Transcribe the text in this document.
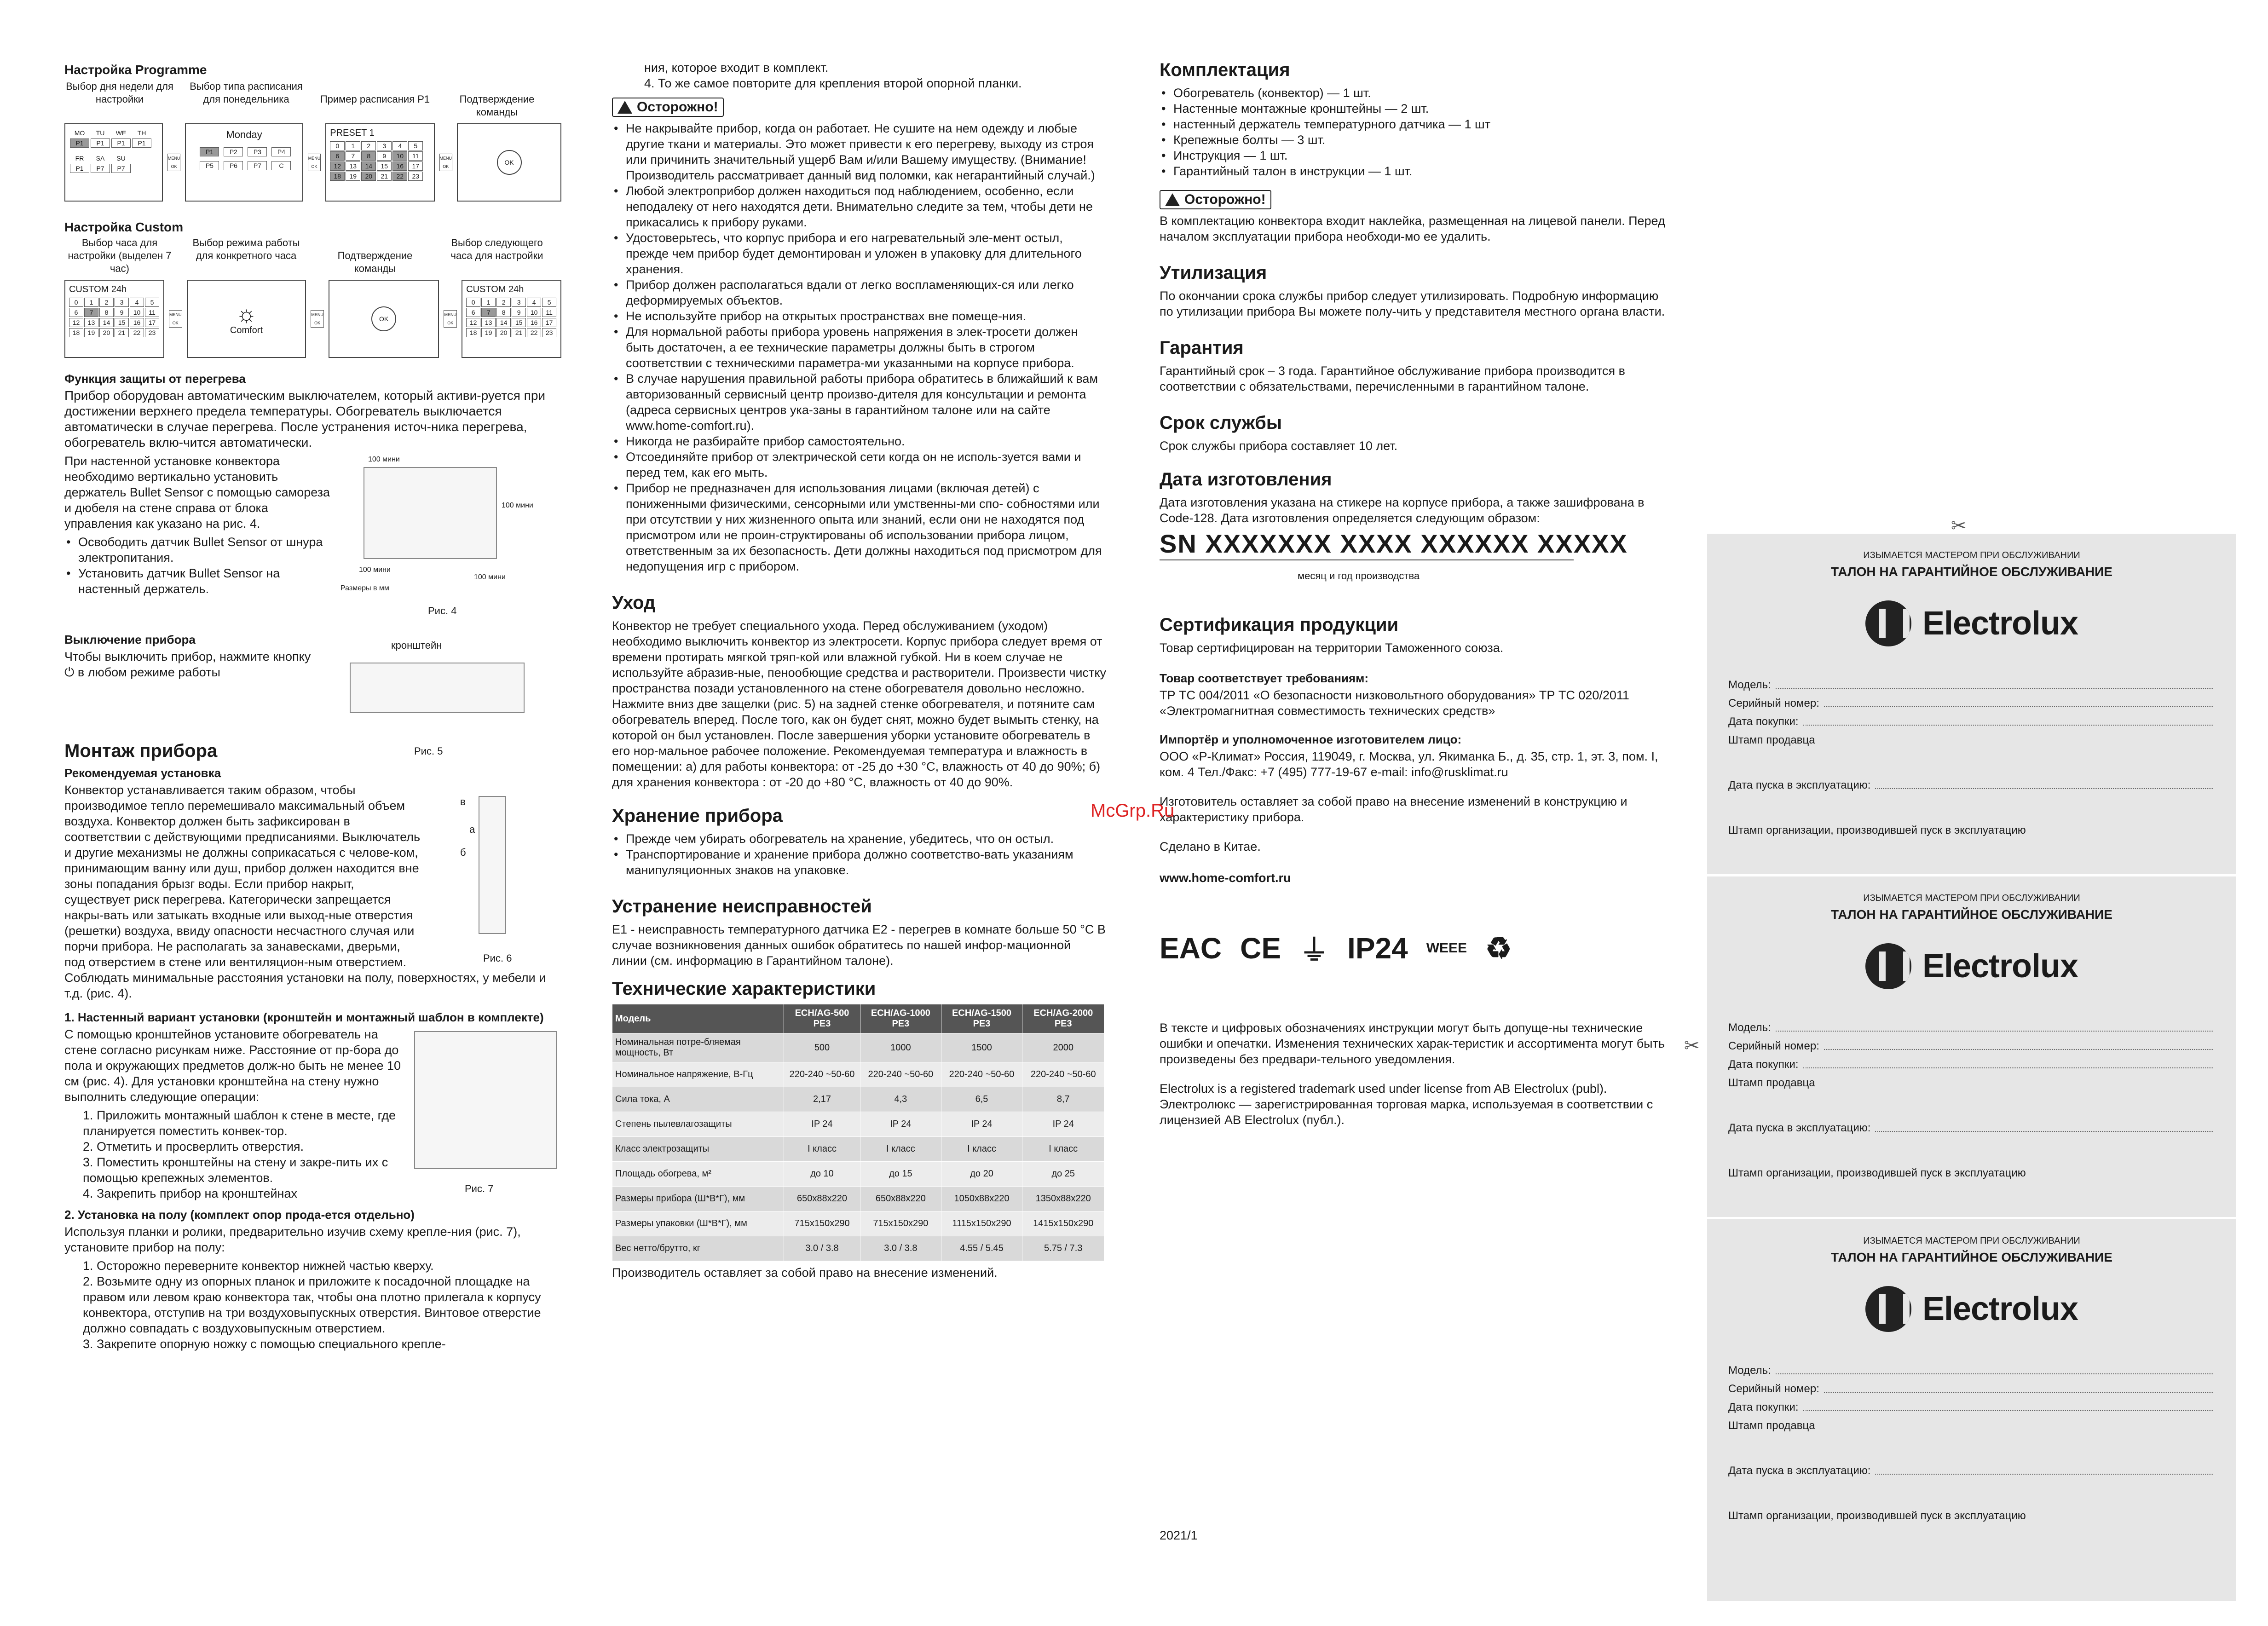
Настройка Programme
Выбор дня недели для настройки
Выбор типа расписания для понедельника	Пример расписания P1	Подтверждение команды
MO	TU	WE	TH
P1	P1	P1	P1
FR	SA	SU
P1	P7	P7
MENU OK
Monday
P1	P2	P3	P4
P5	P6	P7	C
MENU OK
PRESET 1
0	1	2	3	4	5
6	7	8	9	10	11
12	13	14	15	16	17
18	19	20	21	22	23
MENU OK
OK
Настройка Custom
Выбор часа для настройки (выделен 7 час)
Выбор режима работы для конкретного часа	Подтверждение команды
Выбор следующего часа для настройки
CUSTOM 24h
0	1	2	3	4	5
6	7	8	9	10	11
12	13	14	15	16	17
18	19	20	21	22	23
MENU OK ☼
Comfort
MENU OK
OK
MENU OK
CUSTOM 24h
0	1	2	3	4	5
6	7	8	9	10	11
12	13	14	15	16	17
18	19	20	21	22	23
Функция защиты от перегрева
Прибор оборудован автоматическим выключателем, который активи-руется при достижении верхнего предела температуры. Обогреватель выключается автоматически в случае перегрева. После устранения источ-ника перегрева, обогреватель вклю-чится автоматически.
При настенной установке конвектора необходимо вертикально установить держатель Bullet Sensor с помощью самореза и дюбеля на стене справа от блока управления как указано на рис. 4.
• Освободить датчик Bullet Sensor от шнура электропитания.
• Установить датчик Bullet Sensor на настенный держатель.
100 мини
100 мини
100 мини
100 мини
Размеры в мм
Рис. 4
Выключение прибора
Чтобы выключить прибор, нажмите кнопку ⏻ в любом режиме работы
кронштейн
Рис. 5
Монтаж прибора
Рекомендуемая установка
в
а
б
Рис. 6
Конвектор устанавливается таким образом, чтобы производимое тепло перемешивало максимальный объем воздуха. Конвектор должен быть зафиксирован в соответствии с действующими предписаниями. Выключатель и другие механизмы не должны соприкасаться с челове-ком, принимающим ванну или душ, прибор должен находится вне зоны попадания брызг воды. Если прибор накрыт, существует риск перегрева. Категорически запрещается накры-вать или затыкать входные или выход-ные отверстия (решетки) воздуха, ввиду опасности несчастного случая или порчи прибора. Не располагать за занавесками, дверьми, под отверстием в стене или вентиляцион-ным отверстием. Соблюдать минимальные расстояния установки на полу, поверхностях, у мебели и т.д. (рис. 4).
1. Настенный вариант установки (кронштейн и монтажный шаблон в комплекте)
Рис. 7
С помощью кронштейнов установите обогреватель на стене согласно рисункам ниже. Расстояние от пр-бора до пола и окружающих предметов долж-но быть не менее 10 см (рис. 4). Для установки кронштейна на стену нужно выполнить следующие операции:
1. Приложить монтажный шаблон к стене в месте, где планируется поместить конвек-тор.
2. Отметить и просверлить отверстия.
3. Поместить кронштейны на стену и закре-пить их с помощью крепежных элементов.
4. Закрепить прибор на кронштейнах
2. Установка на полу (комплект опор прода-ется отдельно)
Используя планки и ролики, предварительно изучив схему крепле-ния (рис. 7), установите прибор на полу:
1. Осторожно переверните конвектор нижней частью кверху.
2. Возьмите одну из опорных планок и приложите к посадочной площадке на правом или левом краю конвектора так, чтобы она плотно прилегала к корпусу конвектора, отступив на три воздуховыпускных отверстия. Винтовое отверстие должно совпадать с воздуховыпускным отверстием.
3. Закрепите опорную ножку с помощью специального крепле-
ния, которое входит в комплект.
4. То же самое повторите для крепления второй опорной планки.
Осторожно!
• Не накрывайте прибор, когда он работает. Не сушите на нем одежду и любые другие ткани и материалы. Это может привести к его перегреву, выходу из строя или причинить значительный ущерб Вам и/или Вашему имуществу. (Внимание! Производитель рассматривает данный вид поломки, как негарантийный случай.)
• Любой электроприбор должен находиться под наблюдением, особенно, если неподалеку от него находятся дети. Внимательно следите за тем, чтобы дети не прикасались к прибору руками.
• Удостоверьтесь, что корпус прибора и его нагревательный эле-мент остыл, прежде чем прибор будет демонтирован и уложен в упаковку для длительного хранения.
• Прибор должен располагаться вдали от легко воспламеняющих-ся или легко деформируемых объектов.
• Не используйте прибор на открытых пространствах вне помеще-ния.
• Для нормальной работы прибора уровень напряжения в элек-тросети должен быть достаточен, а ее технические параметры должны быть в строгом соответствии с техническими параметра-ми указанными на корпусе прибора.
• В случае нарушения правильной работы прибора обратитесь в ближайший к вам авторизованный сервисный центр произво-дителя для консультации и ремонта (адреса сервисных центров ука-заны в гарантийном талоне или на сайте www.home-comfort.ru).
• Никогда не разбирайте прибор самостоятельно.
• Отсоединяйте прибор от электрической сети когда он не исполь-зуется вами и перед тем, как его мыть.
• Прибор не предназначен для использования лицами (включая детей) с пониженными физическими, сенсорными или умственны-ми спо- собностями или при отсутствии у них жизненного опыта или знаний, если они не находятся под присмотром или не проин-структированы об использовании прибора лицом, ответственным за их безопасность. Дети должны находиться под присмотром для недопущения игр с прибором.
Уход
Конвектор не требует специального ухода. Перед обслуживанием (уходом) необходимо выключить конвектор из электросети. Корпус прибора следует время от времени протирать мягкой тряп-кой или влажной губкой. Ни в коем случае не используйте абразив-ные, пенообющие средства и растворители. Произвести чистку пространства позади установленного на стене обогревателя довольно несложно. Нажмите вниз две защелки (рис. 5) на задней стенке обогревателя, и потяните сам обогреватель вперед. После того, как он будет снят, можно будет вымыть стенку, на которой он был установлен. После завершения уборки установите обогреватель в его нор-мальное рабочее положение. Рекомендуемая температура и влажность в помещении: а) для работы конвектора: от -25 до +30 °С, влажность от 40 до 90%; б) для хранения конвектора : от -20 до +80 °С, влажность от 40 до 90%.
Хранение прибора
• Прежде чем убирать обогреватель на хранение, убедитесь, что он остыл.
• Транспортирование и хранение прибора должно соответство-вать указаниям манипуляционных знаков на упаковке.
Устранение неисправностей
E1 - неисправность температурного датчика E2 - перегрев в комнате больше 50 °C В случае возникновения данных ошибок обратитесь по нашей инфор-мационной линии (см. информацию в Гарантийном талоне).
Технические характеристики
Модель	ECH/AG-500 PE3	ECH/AG-1000 PE3	ECH/AG-1500 PE3	ECH/AG-2000 PE3
Номинальная потре-бляемая мощность, Вт	500	1000	1500	2000
Номинальное напряжение, В-Гц	220-240 ~50-60	220-240 ~50-60	220-240 ~50-60	220-240 ~50-60
Сила тока, А	2,17	4,3	6,5	8,7
Степень пылевлагозащиты	IP 24	IP 24	IP 24	IP 24
Класс электрозащиты	I класс	I класс	I класс	I класс
Площадь обогрева, м²	до 10	до 15	до 20	до 25
Размеры прибора (Ш*В*Г), мм	650х88х220	650х88х220	1050х88х220	1350х88х220
Размеры упаковки (Ш*В*Г), мм	715х150х290	715х150х290	1115х150х290	1415х150х290
Вес нетто/брутто, кг	3.0 / 3.8	3.0 / 3.8	4.55 / 5.45	5.75 / 7.3
Производитель оставляет за собой право на внесение изменений.
Комплектация
• Обогреватель (конвектор) — 1 шт.
• Настенные монтажные кронштейны — 2 шт.
• настенный держатель температурного датчика — 1 шт
• Крепежные болты — 3 шт.
• Инструкция — 1 шт.
• Гарантийный талон в инструкции — 1 шт.
Осторожно!
В комплектацию конвектора входит наклейка, размещенная на лицевой панели. Перед началом эксплуатации прибора необходи-мо ее удалить.
Утилизация
По окончании срока службы прибор следует утилизировать. Подробную информацию по утилизации прибора Вы можете полу-чить у представителя местного органа власти.
Гарантия
Гарантийный срок – 3 года. Гарантийное обслуживание прибора производится в соответствии с обязательствами, перечисленными в гарантийном талоне.
Срок службы
Срок службы прибора составляет 10 лет.
Дата изготовления
Дата изготовления указана на стикере на корпусе прибора, а также зашифрована в Code-128. Дата изготовления определяется следующим образом:
SN XXXXXXX XXXX XXXXXX XXXXX
месяц и год производства
Сертификация продукции
Товар сертифицирован на территории Таможенного союза.
Товар соответствует требованиям:
ТР ТС 004/2011 «О безопасности низковольтного оборудования» ТР ТС 020/2011 «Электромагнитная совместимость технических средств»
Импортёр и уполномоченное изготовителем лицо:
ООО «Р-Климат» Россия, 119049, г. Москва, ул. Якиманка Б., д. 35, стр. 1, эт. 3, пом. I, ком. 4 Тел./Факс: +7 (495) 777-19-67 e-mail: info@rusklimat.ru
Изготовитель оставляет за собой право на внесение изменений в конструкцию и характеристику прибора.
Сделано в Китае.
www.home-comfort.ru
EAC CE ⏚ IP24 WEEE ♻
В тексте и цифровых обозначениях инструкции могут быть допуще-ны технические ошибки и опечатки. Изменения технических харак-теристик и ассортимента могут быть произведены без предвари-тельного уведомления.
Electrolux is a registered trademark used under license from AB Electrolux (publ). Электролюкс — зарегистрированная торговая марка, используемая в соответствии с лицензией AB Electrolux (публ.).
2021/1
McGrp.Ru
ИЗЫМАЕТСЯ МАСТЕРОМ ПРИ ОБСЛУЖИВАНИИ
ТАЛОН НА ГАРАНТИЙНОЕ ОБСЛУЖИВАНИЕ
Electrolux
Модель:
Серийный номер:
Дата покупки:
Штамп продавца
Дата пуска в эксплуатацию:
Штамп организации, производившей пуск в эксплуатацию
ИЗЫМАЕТСЯ МАСТЕРОМ ПРИ ОБСЛУЖИВАНИИ
ТАЛОН НА ГАРАНТИЙНОЕ ОБСЛУЖИВАНИЕ
Electrolux
Модель:
Серийный номер:
Дата покупки:
Штамп продавца
Дата пуска в эксплуатацию:
Штамп организации, производившей пуск в эксплуатацию
ИЗЫМАЕТСЯ МАСТЕРОМ ПРИ ОБСЛУЖИВАНИИ
ТАЛОН НА ГАРАНТИЙНОЕ ОБСЛУЖИВАНИЕ
Electrolux
Модель:
Серийный номер:
Дата покупки:
Штамп продавца
Дата пуска в эксплуатацию:
Штамп организации, производившей пуск в эксплуатацию
✂
✂
